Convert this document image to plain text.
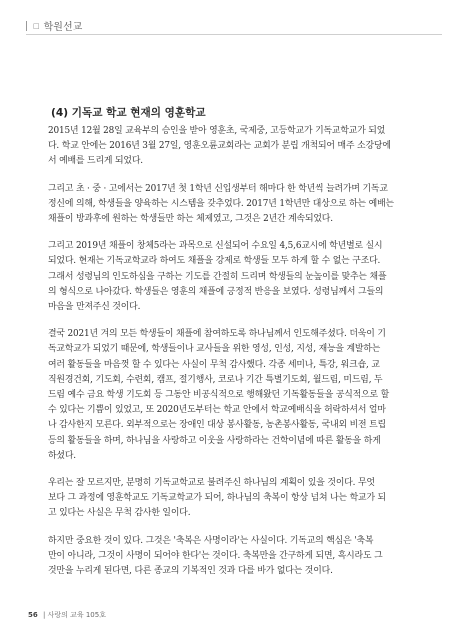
□ 학원선교
(4) 기독교 학교 현재의 영훈학교
2015년 12월 28일 교육부의 승인을 받아 영훈초, 국제중, 고등학교가 기독교학교가 되었
다. 학교 안에는 2016년 3월 27일, 영훈오륜교회라는 교회가 분립 개척되어 매주 소강당에
서 예배를 드리게 되었다.
그리고 초 · 중 · 고에서는 2017년 첫 1학년 신입생부터 해마다 한 학년씩 늘려가며 기독교
정신에 의해, 학생들을 양육하는 시스템을 갖추었다. 2017년 1학년만 대상으로 하는 예배는
채플이 방과후에 원하는 학생들만 하는 체제였고, 그것은 2년간 계속되었다.
그리고 2019년 채플이 창체5라는 과목으로 신설되어 수요일 4,5,6교시에 학년별로 실시
되었다. 현재는 기독교학교라 하여도 채플을 강제로 학생들 모두 하게 할 수 없는 구조다.
그래서 성령님의 인도하심을 구하는 기도를 간절히 드리며 학생들의 눈높이를 맞추는 채플
의 형식으로 나아갔다. 학생들은 영훈의 채플에 긍정적 반응을 보였다. 성령님께서 그들의
마음을 만져주신 것이다.
결국 2021년 겨의 모든 학생들이 채플에 참여하도록 하나님께서 인도해주셨다. 더욱이 기
독교학교가 되었기 때문에, 학생들이나 교사들을 위한 영성, 인성, 지성, 재능을 계발하는
여러 활동들을 마음껏 할 수 있다는 사실이 무척 감사했다. 각종 세미나, 특강, 워크숍, 교
직원경건회, 기도회, 수련회, 캠프, 절기행사, 코로나 기간 특별기도회, 월드림, 미드림, 두
드림 예수 금요 학생 기도회 등 그동안 비공식적으로 행해왔던 기독활동들을 공식적으로 할
수 있다는 기쁨이 있었고, 또 2020년도부터는 학교 안에서 학교예배식을 허락하셔서 얼마
나 감사한지 모른다. 외부적으로는 장애인 대상 봉사활동, 농촌봉사활동, 국내외 비전 트립
등의 활동들을 하며, 하나님을 사랑하고 이웃을 사랑하라는 건학이념에 따른 활동을 하게
하셨다.
우리는 잘 모르지만, 분명히 기독교학교로 불려주신 하나님의 계획이 있을 것이다. 무엇
보다 그 과정에 영훈학교도 기독교학교가 되어, 하나님의 축복이 항상 넘쳐 나는 학교가 되
고 있다는 사실은 무척 감사한 일이다.
하지만 중요한 것이 있다. 그것은 '축복은 사명이라'는 사실이다. 기독교의 핵심은 '축복
만이 아니라, 그것이 사명이 되어야 한다'는 것이다. 축복만을 간구하게 되면, 흑시라도 그
것만을 누리게 된다면, 다른 종교의 기복적인 것과 다를 바가 없다는 것이다.
56 | 사랑의 교육 105호
